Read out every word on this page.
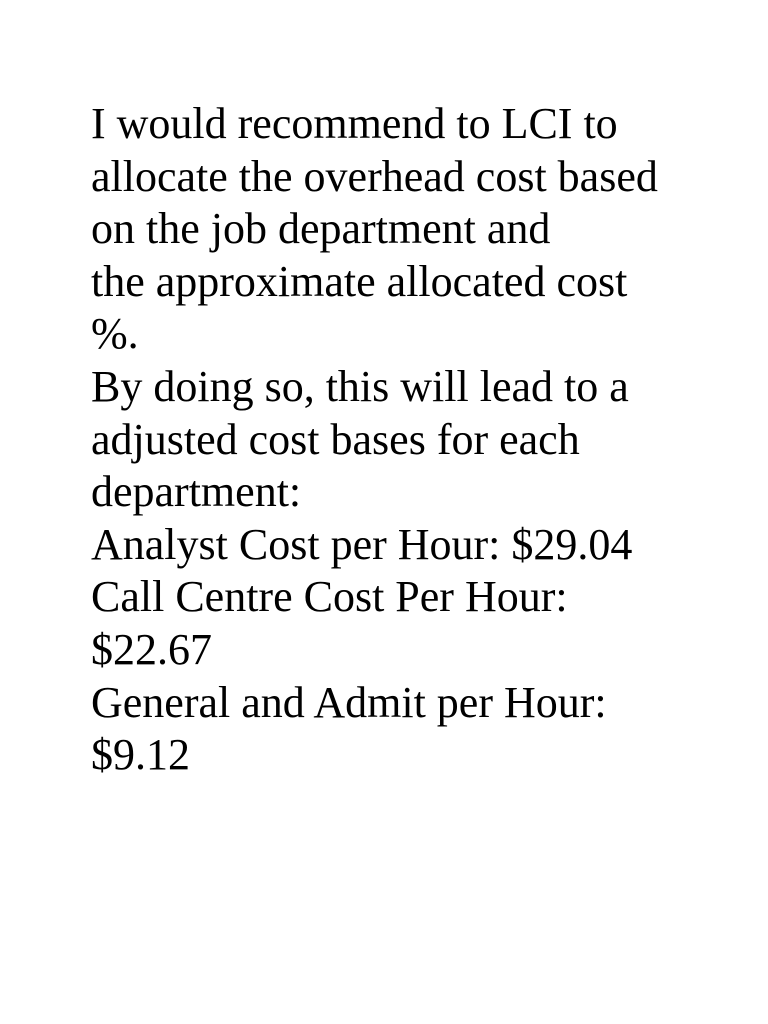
I would recommend to LCI to
allocate the overhead cost based
on the job department and
the approximate allocated cost
%.
By doing so, this will lead to a
adjusted cost bases for each
department:
Analyst Cost per Hour: $29.04
Call Centre Cost Per Hour:
$22.67
General and Admit per Hour:
$9.12
